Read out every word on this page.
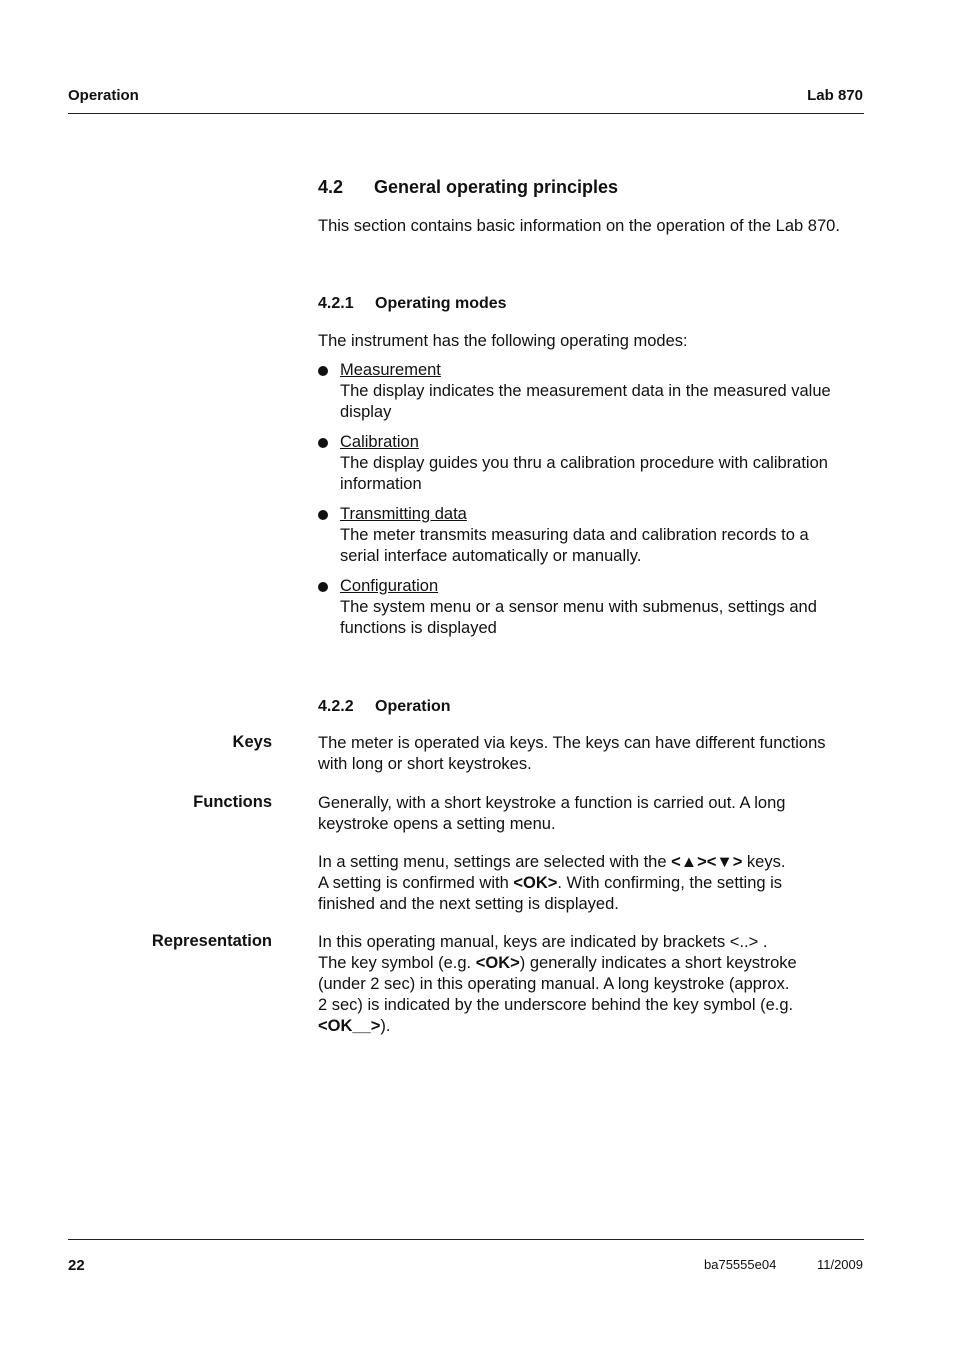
Operation	Lab 870
4.2 General operating principles
This section contains basic information on the operation of the Lab 870.
4.2.1 Operating modes
The instrument has the following operating modes:
Measurement
The display indicates the measurement data in the measured value
display
Calibration
The display guides you thru a calibration procedure with calibration
information
Transmitting data
The meter transmits measuring data and calibration records to a
serial interface automatically or manually.
Configuration
The system menu or a sensor menu with submenus, settings and
functions is displayed
4.2.2 Operation
Keys	The meter is operated via keys. The keys can have different functions
with long or short keystrokes.
Functions	Generally, with a short keystroke a function is carried out. A long
keystroke opens a setting menu.
In a setting menu, settings are selected with the <▲><▼> keys.
A setting is confirmed with <OK>. With confirming, the setting is
finished and the next setting is displayed.
Representation	In this operating manual, keys are indicated by brackets <..> .
The key symbol (e.g. <OK>) generally indicates a short keystroke
(under 2 sec) in this operating manual. A long keystroke (approx.
2 sec) is indicated by the underscore behind the key symbol (e.g.
<OK__>).
22	ba75555e04	11/2009
